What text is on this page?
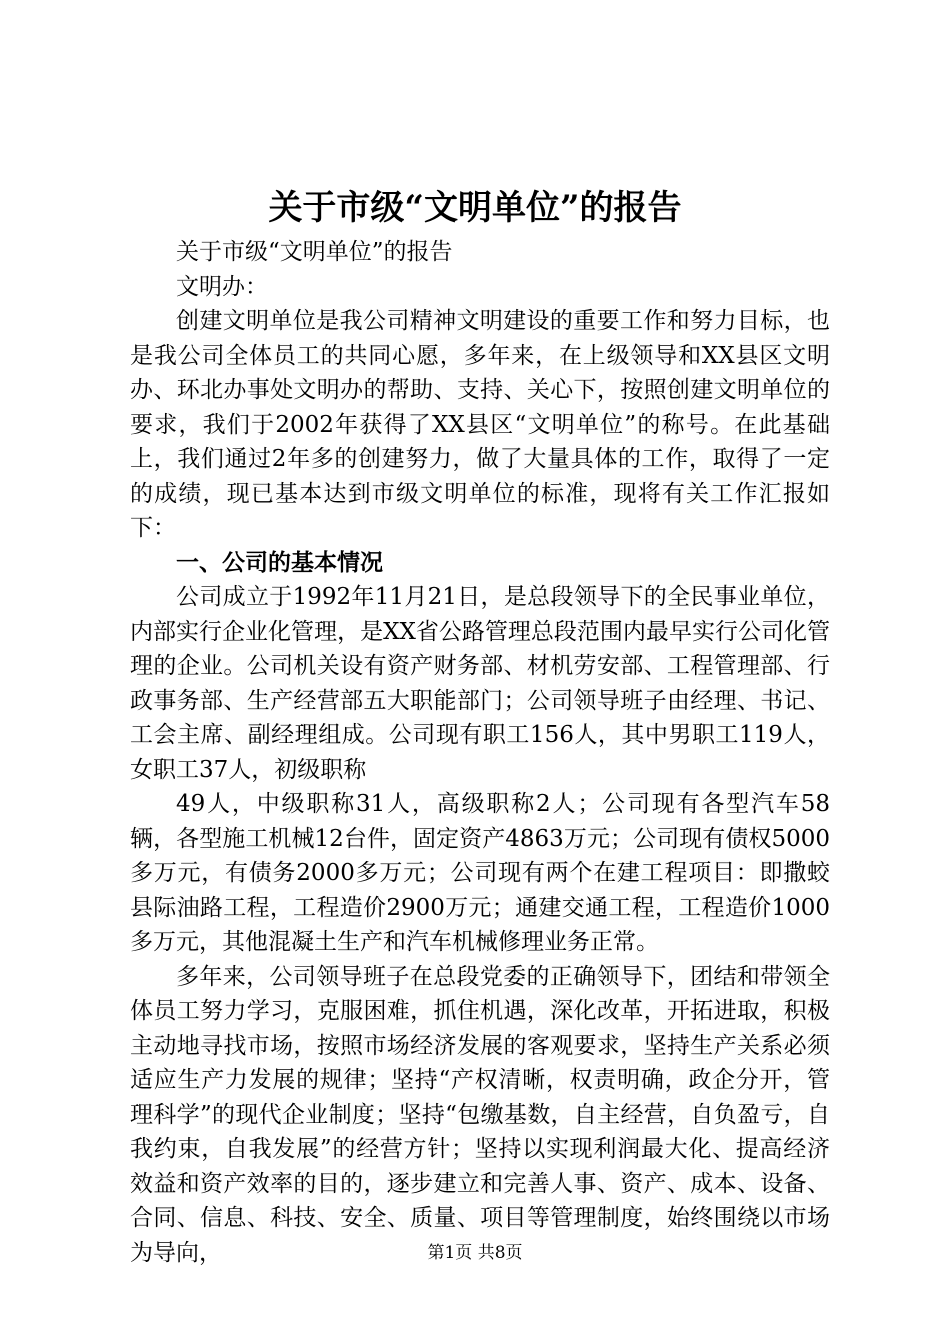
关于市级“文明单位”的报告

关于市级“文明单位”的报告

文明办：

创建文明单位是我公司精神文明建设的重要工作和努力目标，也是我公司全体员工的共同心愿，多年来，在上级领导和XX县区文明办、环北办事处文明办的帮助、支持、关心下，按照创建文明单位的要求，我们于2002年获得了XX县区“文明单位”的称号。在此基础上，我们通过2年多的创建努力，做了大量具体的工作，取得了一定的成绩，现已基本达到市级文明单位的标准，现将有关工作汇报如下：

一、公司的基本情况

公司成立于1992年11月21日，是总段领导下的全民事业单位，内部实行企业化管理，是XX省公路管理总段范围内最早实行公司化管理的企业。公司机关设有资产财务部、材机劳安部、工程管理部、行政事务部、生产经营部五大职能部门；公司领导班子由经理、书记、工会主席、副经理组成。公司现有职工156人，其中男职工119人，女职工37人，初级职称

49人，中级职称31人，高级职称2人；公司现有各型汽车58辆，各型施工机械12台件，固定资产4863万元；公司现有债权5000多万元，有债务2000多万元；公司现有两个在建工程项目：即撒蛟县际油路工程，工程造价2900万元；通建交通工程，工程造价1000多万元，其他混凝土生产和汽车机械修理业务正常。

多年来，公司领导班子在总段党委的正确领导下，团结和带领全体员工努力学习，克服困难，抓住机遇，深化改革，开拓进取，积极主动地寻找市场，按照市场经济发展的客观要求，坚持生产关系必须适应生产力发展的规律；坚持“产权清晰，权责明确，政企分开，管理科学”的现代企业制度；坚持“包缴基数，自主经营，自负盈亏，自我约束，自我发展”的经营方针；坚持以实现利润最大化、提高经济效益和资产效率的目的，逐步建立和完善人事、资产、成本、设备、合同、信息、科技、安全、质量、项目等管理制度，始终围绕以市场为导向，	第1页 共8页
